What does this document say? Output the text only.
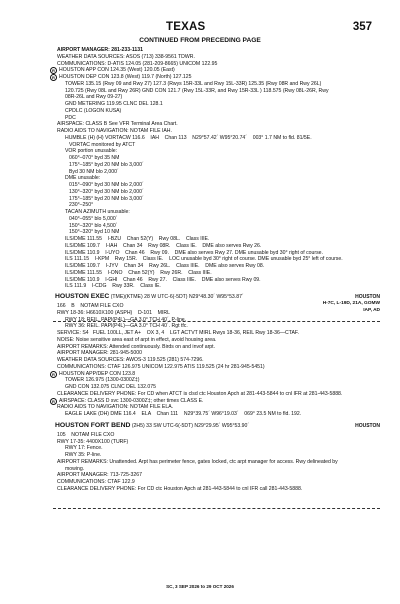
TEXAS	357
CONTINUED FROM PRECEDING PAGE
AIRPORT MANAGER: 281-233-1131
WEATHER DATA SOURCES: ASOS (713) 338-9561 TDWR.
COMMUNICATIONS: D-ATIS 124.05 (281-209-8665) UNICOM 122.95
R HOUSTON APP CON 124.35 (West) 120.05 (East)
R HOUSTON DEP CON 123.8 (West) 119.7 (North) 127.125
TOWER 135.15 (Rwy 09 and Rwy 27) 127.3 (Rwys 15R-33L and Rwy 15L-33R) 125.35 (Rwy 08R and Rwy 26L)
120.725 (Rwy 08L and Rwy 26R) GND CON 121.7 (Rwy 15L-33R, and Rwy 15R-33L ) 118.575 (Rwy 08L-26R, Rwy
08R-26L and Rwy 09-27)
GND METERING 119.95 CLNC DEL 128.1
CPDLC (LOGON KUSA)
PDC
AIRSPACE: CLASS B See VFR Terminal Area Chart.
RADIO AIDS TO NAVIGATION: NOTAM FILE IAH.
HUMBLE (H) (H) VORTACW 116.6    IAH    Chan 113    N29°57.42´ W95°20.74´    003° 1.7 NM to fld. 81/5E.
VORTAC monitored by ATCT
VOR portion unusable:
060°–070° byd 35 NM
175°–185° byd 20 NM blo 3,000´
Byd 30 NM blo 2,000´
DME unusable:
015°–090° byd 30 NM blo 2,000´
130°–320° byd 30 NM blo 2,000´
175°–185° byd 20 NM blo 3,000´
230°–250°
TACAN AZIMUTH unusable:
040°–055° blo 5,000´
150°–320° blo 4,500´
150°–320° byd 10 NM
ILS/DME 111.55    I-BZU    Chan 52(Y)    Rwy 08L.    Class IIIE.
ILS/DME 109.7    I-IAH    Chan 34    Rwy 08R.    Class IE.    DME also serves Rwy 26.
ILS/DME 110.9    I-UYO    Chan 46    Rwy 09.    DME also serves Rwy 27. DME unusable byd 30° right of course.
ILS 111.15    I-KPM    Rwy 15R.    Class IE.    LOC unusable byd 30° right of course. DME unusable byd 25° left of course.
ILS/DME 109.7    I-JYV    Chan 34    Rwy 26L.    Class IIIE.    DME also serves Rwy 08.
ILS/DME 111.55    I-ONO    Chan 52(Y)    Rwy 26R.    Class IIIE.
ILS/DME 110.9    I-GHI    Chan 46    Rwy 27.    Class IIIE.    DME also serves Rwy 09.
ILS 111.9    I-CDG    Rwy 33R.    Class IE.
HOUSTON EXEC (TME)(KTME) 28 W UTC-6(-5DT) N29°48.30´ W95°53.87´	HOUSTON
H-7C, L-19D, 21A, GOMW
IAP, AD
166    B    NOTAM FILE CXO
RWY 18-36: H6610X100 (ASPH)    D-101    MIRL
RWY 18: REIL. PAPI(P4L)—GA 3.0° TCH 40´. P-line.
RWY 36: REIL. PAPI(P4L)—GA 3.0° TCH 40´. Rgt tfc.
SERVICE: S4   FUEL 100LL, JET A+    OX 3, 4    LGT ACTVT MIRL Rwys 18-36, REIL Rwy 18-36—CTAF.
NOISE: Noise sensitive area east of arpt in effect, avoid housing area.
AIRPORT REMARKS: Attended continuously. Birds on and invof arpt.
AIRPORT MANAGER: 281-945-5000
WEATHER DATA SOURCES: AWOS-3 119.525 (281) 574-7296.
COMMUNICATIONS: CTAF 126.975 UNICOM 122.975 ATIS 119.525 (24 hr 281-945-5451)
R HOUSTON APP/DEP CON 123.8
TOWER 126.975 (1300-0300Z‡)
GND CON 132.075 CLNC DEL 132.075
CLEARANCE DELIVERY PHONE: For CD when ATCT is clsd ctc Houston Apch at 281-443-5844 to cnl IFR at 281-443-5888.
R AIRSPACE: CLASS D svc 1300-0300Z‡; other times CLASS E.
RADIO AIDS TO NAVIGATION: NOTAM FILE ELA.
EAGLE LAKE (DH) DME 116.4    ELA    Chan 111    N29°39.75´ W96°19.03´    069° 23.5 NM to fld. 192.
HOUSTON FORT BEND (2H5) 33 SW UTC-6(-5DT) N29°29.95´ W95°53.90´	HOUSTON
105    NOTAM FILE CXO
RWY 17-35: 4400X100 (TURF)
RWY 17: Fence.
RWY 35: P-line.
AIRPORT REMARKS: Unattended. Arpt has perimeter fence, gates locked, ctc arpt manager for access. Rwy delineated by
mowing.
AIRPORT MANAGER: 713-725-3267
COMMUNICATIONS: CTAF 122.9
CLEARANCE DELIVERY PHONE: For CD ctc Houston Apch at 281-443-5844 to cnl IFR call 281-443-5888.
SC, 3 SEP 2026 to 29 OCT 2026
